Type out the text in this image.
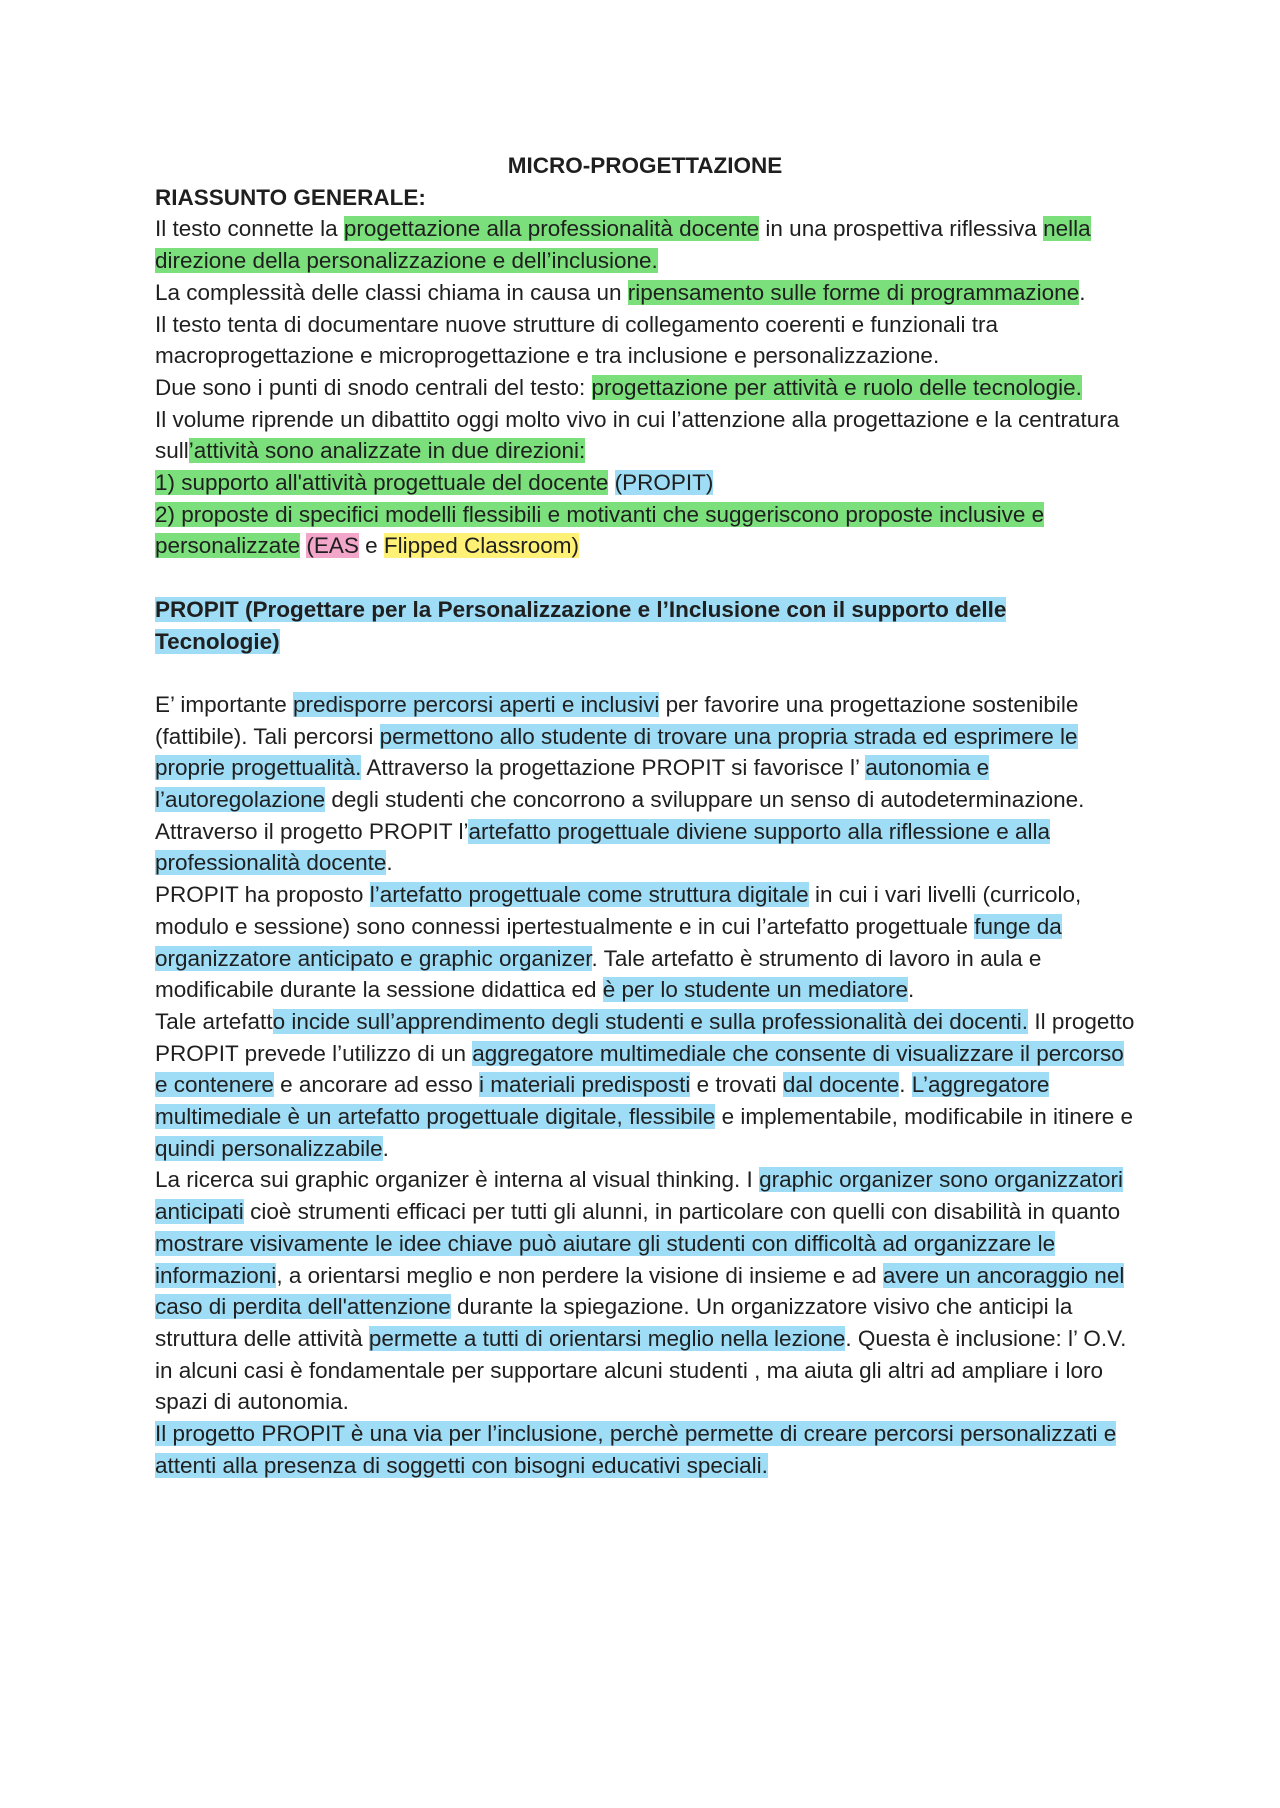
MICRO-PROGETTAZIONE

RIASSUNTO GENERALE:

Il testo connette la progettazione alla professionalità docente in una prospettiva riflessiva nella direzione della personalizzazione e dell’inclusione.

La complessità delle classi chiama in causa un ripensamento sulle forme di programmazione.

Il testo tenta di documentare nuove strutture di collegamento coerenti e funzionali tra macroprogettazione e microprogettazione e tra inclusione e personalizzazione.

Due sono i punti di snodo centrali del testo: progettazione per attività e ruolo delle tecnologie.

Il volume riprende un dibattito oggi molto vivo in cui l’attenzione alla progettazione e la centratura sull’attività sono analizzate in due direzioni:

1) supporto all'attività progettuale del docente (PROPIT)

2) proposte di specifici modelli flessibili e motivanti che suggeriscono proposte inclusive e personalizzate (EAS e Flipped Classroom)

PROPIT (Progettare per la Personalizzazione e l’Inclusione con il supporto delle Tecnologie)

E’ importante predisporre percorsi aperti e inclusivi per favorire una progettazione sostenibile (fattibile). Tali percorsi permettono allo studente di trovare una propria strada ed esprimere le proprie progettualità. Attraverso la progettazione PROPIT si favorisce l’ autonomia e l’autoregolazione degli studenti che concorrono a sviluppare un senso di autodeterminazione.

Attraverso il progetto PROPIT l’artefatto progettuale diviene supporto alla riflessione e alla professionalità docente.

PROPIT ha proposto l’artefatto progettuale come struttura digitale in cui i vari livelli (curricolo, modulo e sessione) sono connessi ipertestualmente e in cui l’artefatto progettuale funge da organizzatore anticipato e graphic organizer. Tale artefatto è strumento di lavoro in aula e modificabile durante la sessione didattica ed è per lo studente un mediatore.

Tale artefatto incide sull’apprendimento degli studenti e sulla professionalità dei docenti. Il progetto PROPIT prevede l’utilizzo di un aggregatore multimediale che consente di visualizzare il percorso e contenere e ancorare ad esso i materiali predisposti e trovati dal docente. L’aggregatore multimediale è un artefatto progettuale digitale, flessibile e implementabile, modificabile in itinere e quindi personalizzabile.

La ricerca sui graphic organizer è interna al visual thinking. I graphic organizer sono organizzatori anticipati cioè strumenti efficaci per tutti gli alunni, in particolare con quelli con disabilità in quanto mostrare visivamente le idee chiave può aiutare gli studenti con difficoltà ad organizzare le informazioni, a orientarsi meglio e non perdere la visione di insieme e ad avere un ancoraggio nel caso di perdita dell'attenzione durante la spiegazione. Un organizzatore visivo che anticipi la struttura delle attività permette a tutti di orientarsi meglio nella lezione. Questa è inclusione: l’ O.V. in alcuni casi è fondamentale per supportare alcuni studenti , ma aiuta gli altri ad ampliare i loro spazi di autonomia.

Il progetto PROPIT è una via per l’inclusione, perchè permette di creare percorsi personalizzati e attenti alla presenza di soggetti con bisogni educativi speciali.
